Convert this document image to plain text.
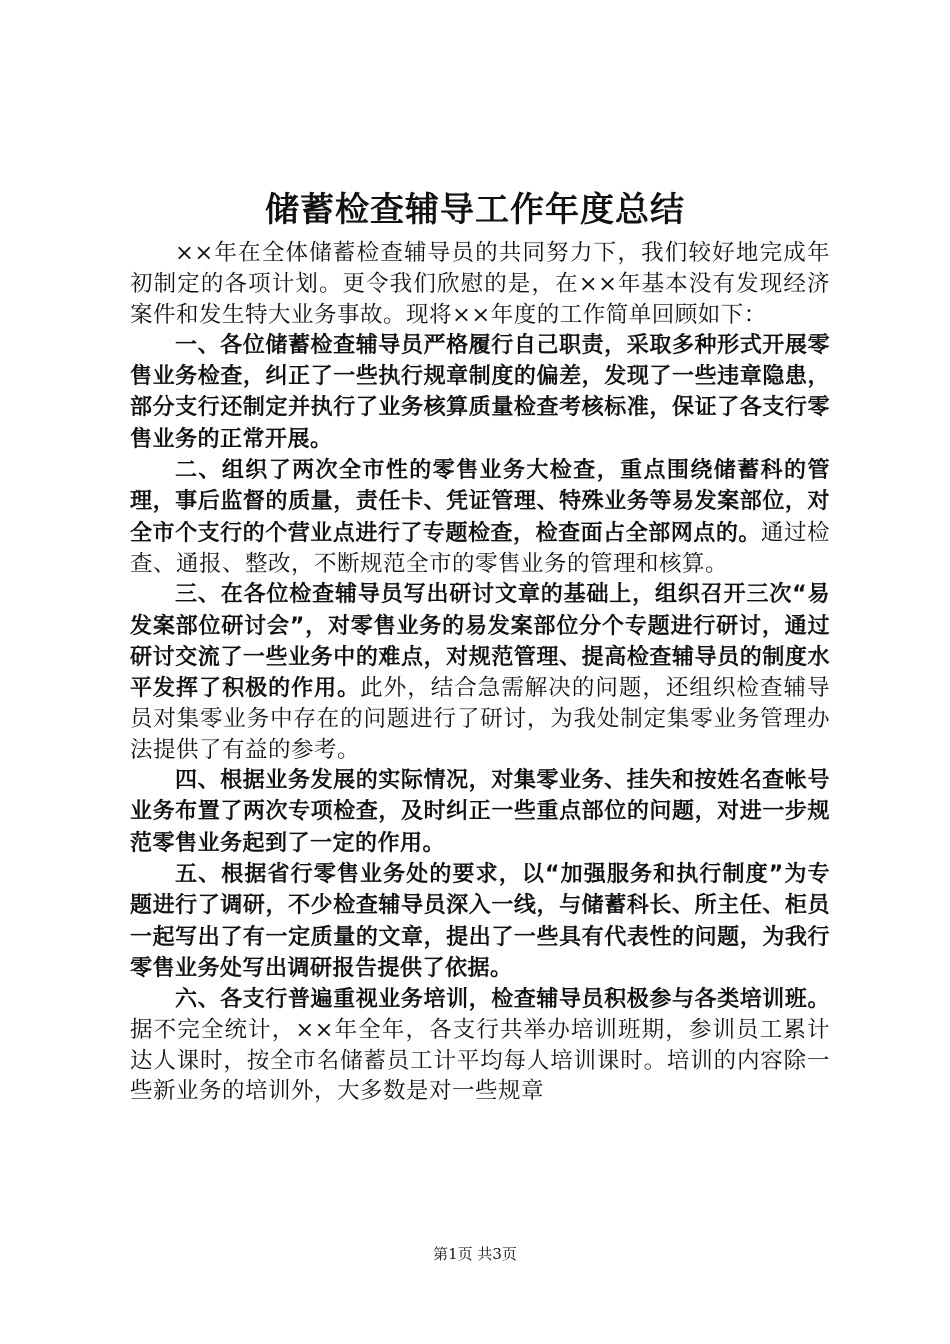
储蓄检查辅导工作年度总结

××年在全体储蓄检查辅导员的共同努力下，我们较好地完成年初制定的各项计划。更令我们欣慰的是，在××年基本没有发现经济案件和发生特大业务事故。现将××年度的工作简单回顾如下：

一、各位储蓄检查辅导员严格履行自己职责，采取多种形式开展零售业务检查，纠正了一些执行规章制度的偏差，发现了一些违章隐患，部分支行还制定并执行了业务核算质量检查考核标准，保证了各支行零售业务的正常开展。

二、组织了两次全市性的零售业务大检查，重点围绕储蓄科的管理，事后监督的质量，责任卡、凭证管理、特殊业务等易发案部位，对全市个支行的个营业点进行了专题检查，检查面占全部网点的。通过检查、通报、整改，不断规范全市的零售业务的管理和核算。

三、在各位检查辅导员写出研讨文章的基础上，组织召开三次“易发案部位研讨会”，对零售业务的易发案部位分个专题进行研讨，通过研讨交流了一些业务中的难点，对规范管理、提高检查辅导员的制度水平发挥了积极的作用。此外，结合急需解决的问题，还组织检查辅导员对集零业务中存在的问题进行了研讨，为我处制定集零业务管理办法提供了有益的参考。

四、根据业务发展的实际情况，对集零业务、挂失和按姓名查帐号业务布置了两次专项检查，及时纠正一些重点部位的问题，对进一步规范零售业务起到了一定的作用。

五、根据省行零售业务处的要求，以“加强服务和执行制度”为专题进行了调研，不少检查辅导员深入一线，与储蓄科长、所主任、柜员一起写出了有一定质量的文章，提出了一些具有代表性的问题，为我行零售业务处写出调研报告提供了依据。

六、各支行普遍重视业务培训，检查辅导员积极参与各类培训班。据不完全统计，××年全年，各支行共举办培训班期，参训员工累计达人课时，按全市名储蓄员工计平均每人培训课时。培训的内容除一些新业务的培训外，大多数是对一些规章

第1页 共3页
